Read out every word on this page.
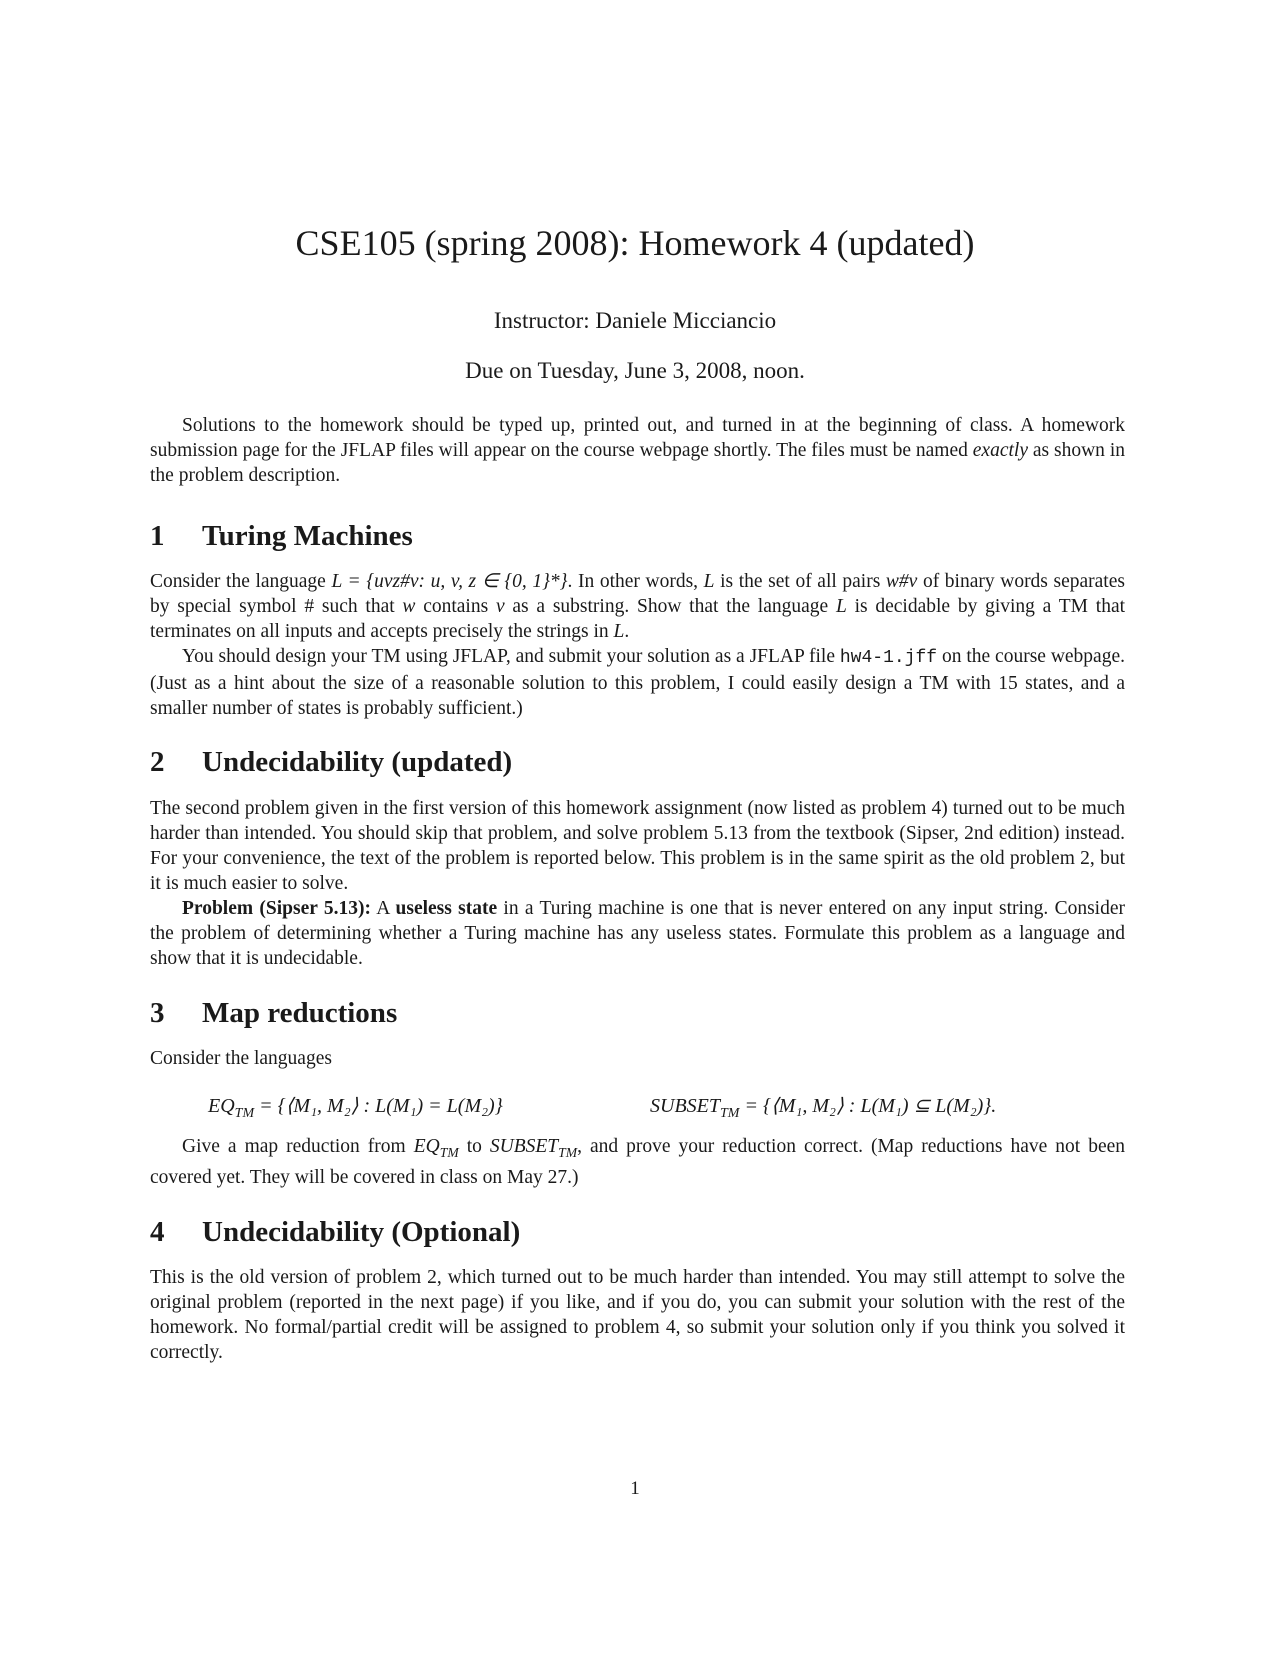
CSE105 (spring 2008): Homework 4 (updated)
Instructor: Daniele Micciancio
Due on Tuesday, June 3, 2008, noon.

Solutions to the homework should be typed up, printed out, and turned in at the beginning of class. A homework submission page for the JFLAP files will appear on the course webpage shortly. The files must be named exactly as shown in the problem description.

1 Turing Machines

Consider the language L = {uvz#v: u, v, z ∈ {0, 1}*}. In other words, L is the set of all pairs w#v of binary words separates by special symbol # such that w contains v as a substring. Show that the language L is decidable by giving a TM that terminates on all inputs and accepts precisely the strings in L.

You should design your TM using JFLAP, and submit your solution as a JFLAP file hw4-1.jff on the course webpage. (Just as a hint about the size of a reasonable solution to this problem, I could easily design a TM with 15 states, and a smaller number of states is probably sufficient.)

2 Undecidability (updated)

The second problem given in the first version of this homework assignment (now listed as problem 4) turned out to be much harder than intended. You should skip that problem, and solve problem 5.13 from the textbook (Sipser, 2nd edition) instead. For your convenience, the text of the problem is reported below. This problem is in the same spirit as the old problem 2, but it is much easier to solve.

Problem (Sipser 5.13): A useless state in a Turing machine is one that is never entered on any input string. Consider the problem of determining whether a Turing machine has any useless states. Formulate this problem as a language and show that it is undecidable.

3 Map reductions

Consider the languages

$EQ_{TM}$ = {⟨M₁, M₂⟩ : L(M₁) = L(M₂)}	$SUBSET_{TM}$ = {⟨M₁, M₂⟩ : L(M₁) ⊆ L(M₂)}.

Give a map reduction from $EQ_{TM}$ to $SUBSET_{TM}$, and prove your reduction correct. (Map reductions have not been covered yet. They will be covered in class on May 27.)

4 Undecidability (Optional)

This is the old version of problem 2, which turned out to be much harder than intended. You may still attempt to solve the original problem (reported in the next page) if you like, and if you do, you can submit your solution with the rest of the homework. No formal/partial credit will be assigned to problem 4, so submit your solution only if you think you solved it correctly.

1
